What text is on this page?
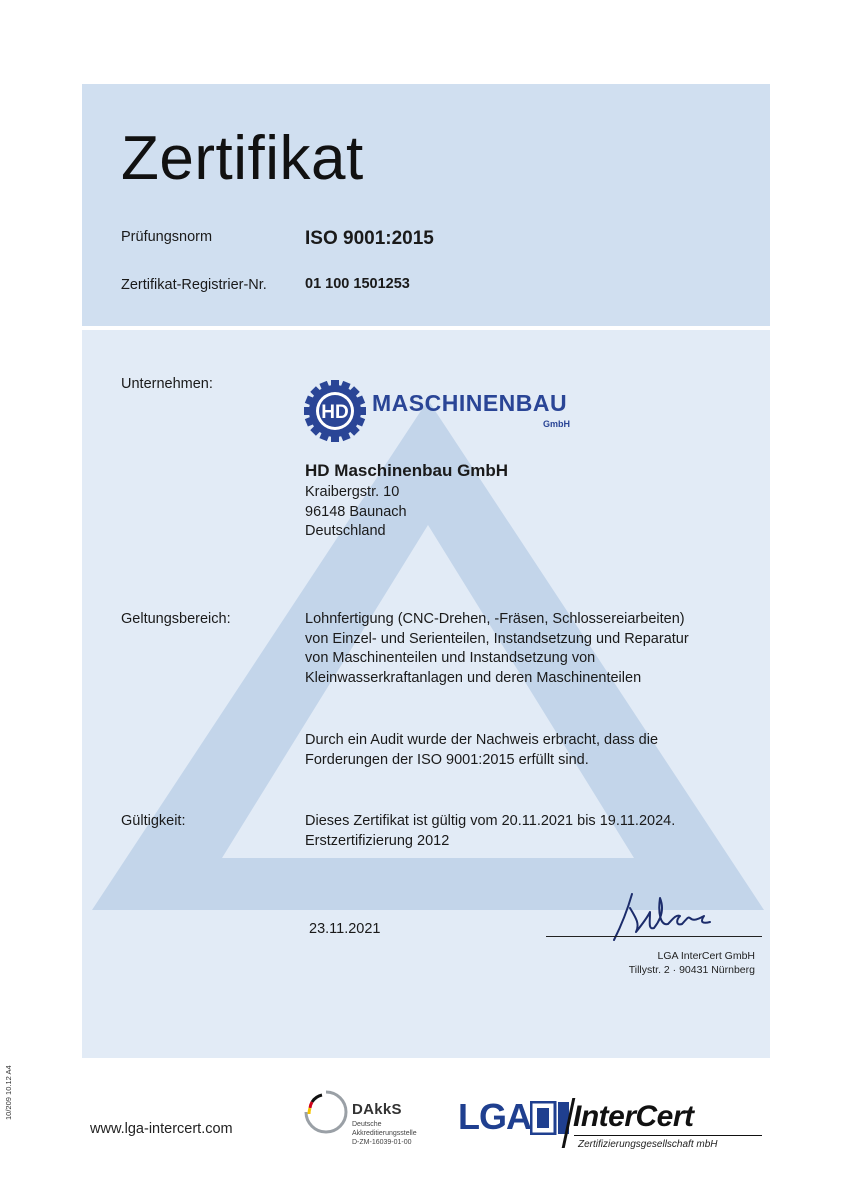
Zertifikat
Prüfungsnorm	ISO 9001:2015
Zertifikat-Registrier-Nr.	01 100 1501253
Unternehmen:
HD MASCHINENBAU
GmbH
HD Maschinenbau GmbH
Kraibergstr. 10
96148 Baunach
Deutschland
Geltungsbereich:	Lohnfertigung (CNC-Drehen, -Fräsen, Schlossereiarbeiten)
von Einzel- und Serienteilen, Instandsetzung und Reparatur
von Maschinenteilen und Instandsetzung von
Kleinwasserkraftanlagen und deren Maschinenteilen
Durch ein Audit wurde der Nachweis erbracht, dass die
Forderungen der ISO 9001:2015 erfüllt sind.
Gültigkeit:	Dieses Zertifikat ist gültig vom 20.11.2021 bis 19.11.2024.
Erstzertifizierung 2012
23.11.2021
LGA InterCert GmbH
Tillystr. 2 · 90431 Nürnberg
10/209 10.12 A4
www.lga-intercert.com
DAkkS
Deutsche
Akkreditierungsstelle
D-ZM-16039-01-00
LGA InterCert
Zertifizierungsgesellschaft mbH
